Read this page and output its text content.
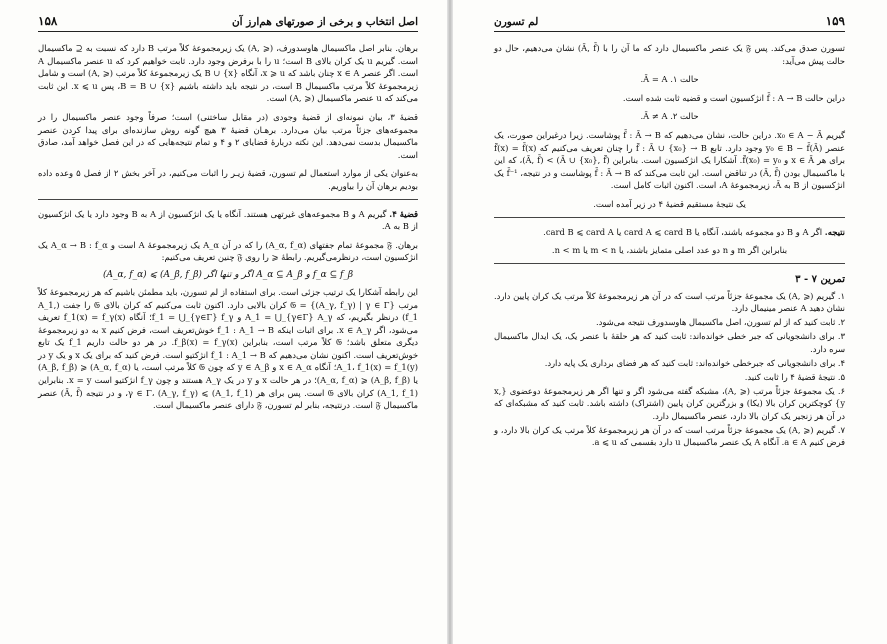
اصل انتخاب و برخی از صورتهای هم‌ارز آن
۱۵۸

برهان. بنابر اصل ماکسیمال هاوسدورف، (⩽ ,A) یک زیرمجموعهٔ کلاً مرتب B دارد که نسبت به ⊆ ماکسیمال است. گیریم u یک کران بالای B است؛ u را با برفرض وجود دارد. ثابت خواهیم کرد که u عنصر ماکسیمال A است. اگر عنصر x ∈ A چنان باشد که x ⩾ u، آنگاه B ∪ {x} یک زیرمجموعهٔ کلاً مرتب (⩽ ,A) است و شامل زیرمجموعهٔ کلاً مرتب ماکسیمال B است، در نتیجه باید داشته باشیم B = B ∪ {x}، پس x ⩽ u. این ثابت می‌کند که u عنصر ماکسیمال (⩽ ,A) است.

قضیهٔ ۳، بیان نمونه‌ای از قضیهٔ وجودی (در مقابل ساختنی) است؛ صرفاً وجود عنصر ماکسیمال را در مجموعه‌های جزئاً مرتب بیان می‌دارد. برهـان قضیهٔ ۳ هیچ گونه روش سازنده‌ای برای پیدا کردن عنصر ماکسیمال بدست نمی‌دهد. این نکته دربارهٔ قضایای ۲ و ۴ و تمام نتیجه‌هایی که در این فصل خواهد آمد، صادق است.

به‌عنوان یکی از موارد استعمال لم تسورن، قضیهٔ زیـر را اثبات می‌کنیم، در آخر بخش ۲ از فصل ۵ وعده داده بودیم برهان آن را بیاوریم.

قضیهٔ ۴. گیریم A و B مجموعه‌های غیرتهی هستند. آنگاه یا یک انژکسیون از A به B وجود دارد یا یک انژکسیون از B به A.

برهان. 𝔉 مجموعهٔ تمام جفتهای (A_α, f_α) را که در آن A_α یک زیرمجموعهٔ A است و A_α → B : f_α یک انژکسیون است، درنظرمی‌گیریم. رابطهٔ ⩽ را روی 𝔉 چنین تعریف می‌کنیم:

(A_α, f_α) ⩽ (A_β, f_β) اگر و تنها اگر A_α ⊆ A_β و f_α ⊆ f_β

این رابطه آشکارا یک ترتیب جزئی است. برای استفاده از لم تسورن، باید مطمئن باشیم که هر زیرمجموعهٔ کلاً مرتب 𝔊 = {(A_γ, f_γ) | γ ∈ Γ} کران بالایی دارد. اکنون ثابت می‌کنیم که کران بالای 𝔊 را جفت (A_1, f_1) درنظر بگیریم، که A_1 = ⋃_{γ∈Γ} A_γ و f_1 = ⋃_{γ∈Γ} f_γ؛ آنگاه f_1(x) = f_γ(x) تعریف می‌شود، اگر x ∈ A_γ. برای اثبات اینکه f_1 : A_1 → B خوش‌تعریف است، فرض کنیم x به دو زیرمجموعهٔ دیگری متعلق باشد؛ 𝔊 کلاً مرتب است، بنابراین f_β(x) = f_γ(x). در هر دو حالت داریم f_1 یک تابع خوش‌تعریف است. اکنون نشان می‌دهیم که f_1 : A_1 → B انژکتیو است. فرض کنید که برای یک x و یک y در A_1، f_1(x) = f_1(y)؛ آنگاه x ∈ A_α و y ∈ A_β که چون 𝔊 کلاً مرتب است، یا (A_α, f_α) ⩽ (A_β, f_β) یا (A_β, f_β) ⩽ (A_α, f_α)؛ در هر حالت x و y در یک A_γ هستند و چون f_γ انژکتیو است x = y. بنابراین (A_1, f_1) کران بالای 𝔊 است. پس برای هر γ ∈ Γ، (A_γ, f_γ) ⩽ (A_1, f_1)، و در نتیجه (Ā, f̄) عنصر ماکسیمال 𝔉 است. درنتیجه، بنابر لم تسورن، 𝔉 دارای عنصر ماکسیمال است.

۱۵۹
لم تسورن

تسورن صدق می‌کند. پس 𝔉 یک عنصر ماکسیمال دارد که ما آن را با (Ā, f̄) نشان می‌دهیم، حال دو حالت پیش می‌آید:

حالت ۱. Ā = A.

دراین حالت f̄ : A → B انژکسیون است و قضیه ثابت شده است.

حالت ۲. Ā ≠ A.

گیریم x₀ ∈ A − Ā. دراین حالت، نشان می‌دهیم که f̄ : Ā → B پوشاست. زیرا درغیراین صورت، یک عنصر y₀ ∈ B − f̄(Ā) وجود دارد. تابع f̃ : Ā ∪ {x₀} → B را چنان تعریف می‌کنیم که f̃(x) = f̄(x) برای هر x ∈ Ā و f̃(x₀) = y₀. آشکارا یک انژکسیون است. بنابراین (Ā ∪ {x₀}, f̃) > (Ā, f̄)، که این با ماکسیمال بودن (Ā, f̄) در تناقض است. این ثابت می‌کند که f̄ : Ā → B پوشاست و در نتیجه، f̄⁻¹ یک انژکسیون از B به Ā، زیرمجموعهٔ A، است. اکنون اثبات کامل است.

یک نتیجهٔ مستقیم قضیهٔ ۴ در زیر آمده است.

نتیجه. اگر A و B دو مجموعه باشند، آنگاه یا card A ⩽ card B یا card B ⩽ card A.

بنابراین اگر m و n دو عدد اصلی متمایز باشند، یا m < n یا n < m.

تمرین ۷ - ۳

۱. گیریم (⩽ ,A) یک مجموعهٔ جزئاً مرتب است که در آن هر زیرمجموعهٔ کلاً مرتب یک کران پایین دارد. نشان دهید A عنصر مینیمال دارد.

۲. ثابت کنید که از لم تسورن، اصل ماکسیمال هاوسدورف نتیجه می‌شود.

۳. برای دانشجویانی که جبر خطی خوانده‌اند: ثابت کنید که هر حلقهٔ با عنصر یک، یک ایدال ماکسیمال سره دارد.

۴. برای دانشجویانی که جبرخطی خوانده‌اند: ثابت کنید که هر فضای برداری یک پایه دارد.

۵. نتیجهٔ قضیهٔ ۴ را ثابت کنید.

۶. یک مجموعهٔ جزئاً مرتب (⩽ ,A)، مشبکه گفته می‌شود اگر و تنها اگر هر زیرمجموعهٔ دوعضوی {x, y} کوچکترین کران بالا (یکا) و بزرگترین کران پایین (اشتراک) داشته باشد. ثابت کنید که مشبکه‌ای که در آن هر زنجیر یک کران بالا دارد، عنصر ماکسیمال دارد.

۷. گیریم (⩽ ,A) یک مجموعهٔ جزئاً مرتب است که در آن هر زیرمجموعهٔ کلاً مرتب یک کران بالا دارد، و فرض کنیم a ∈ A. آنگاه A یک عنصر ماکسیمال u دارد بقسمی که a ⩽ u.
